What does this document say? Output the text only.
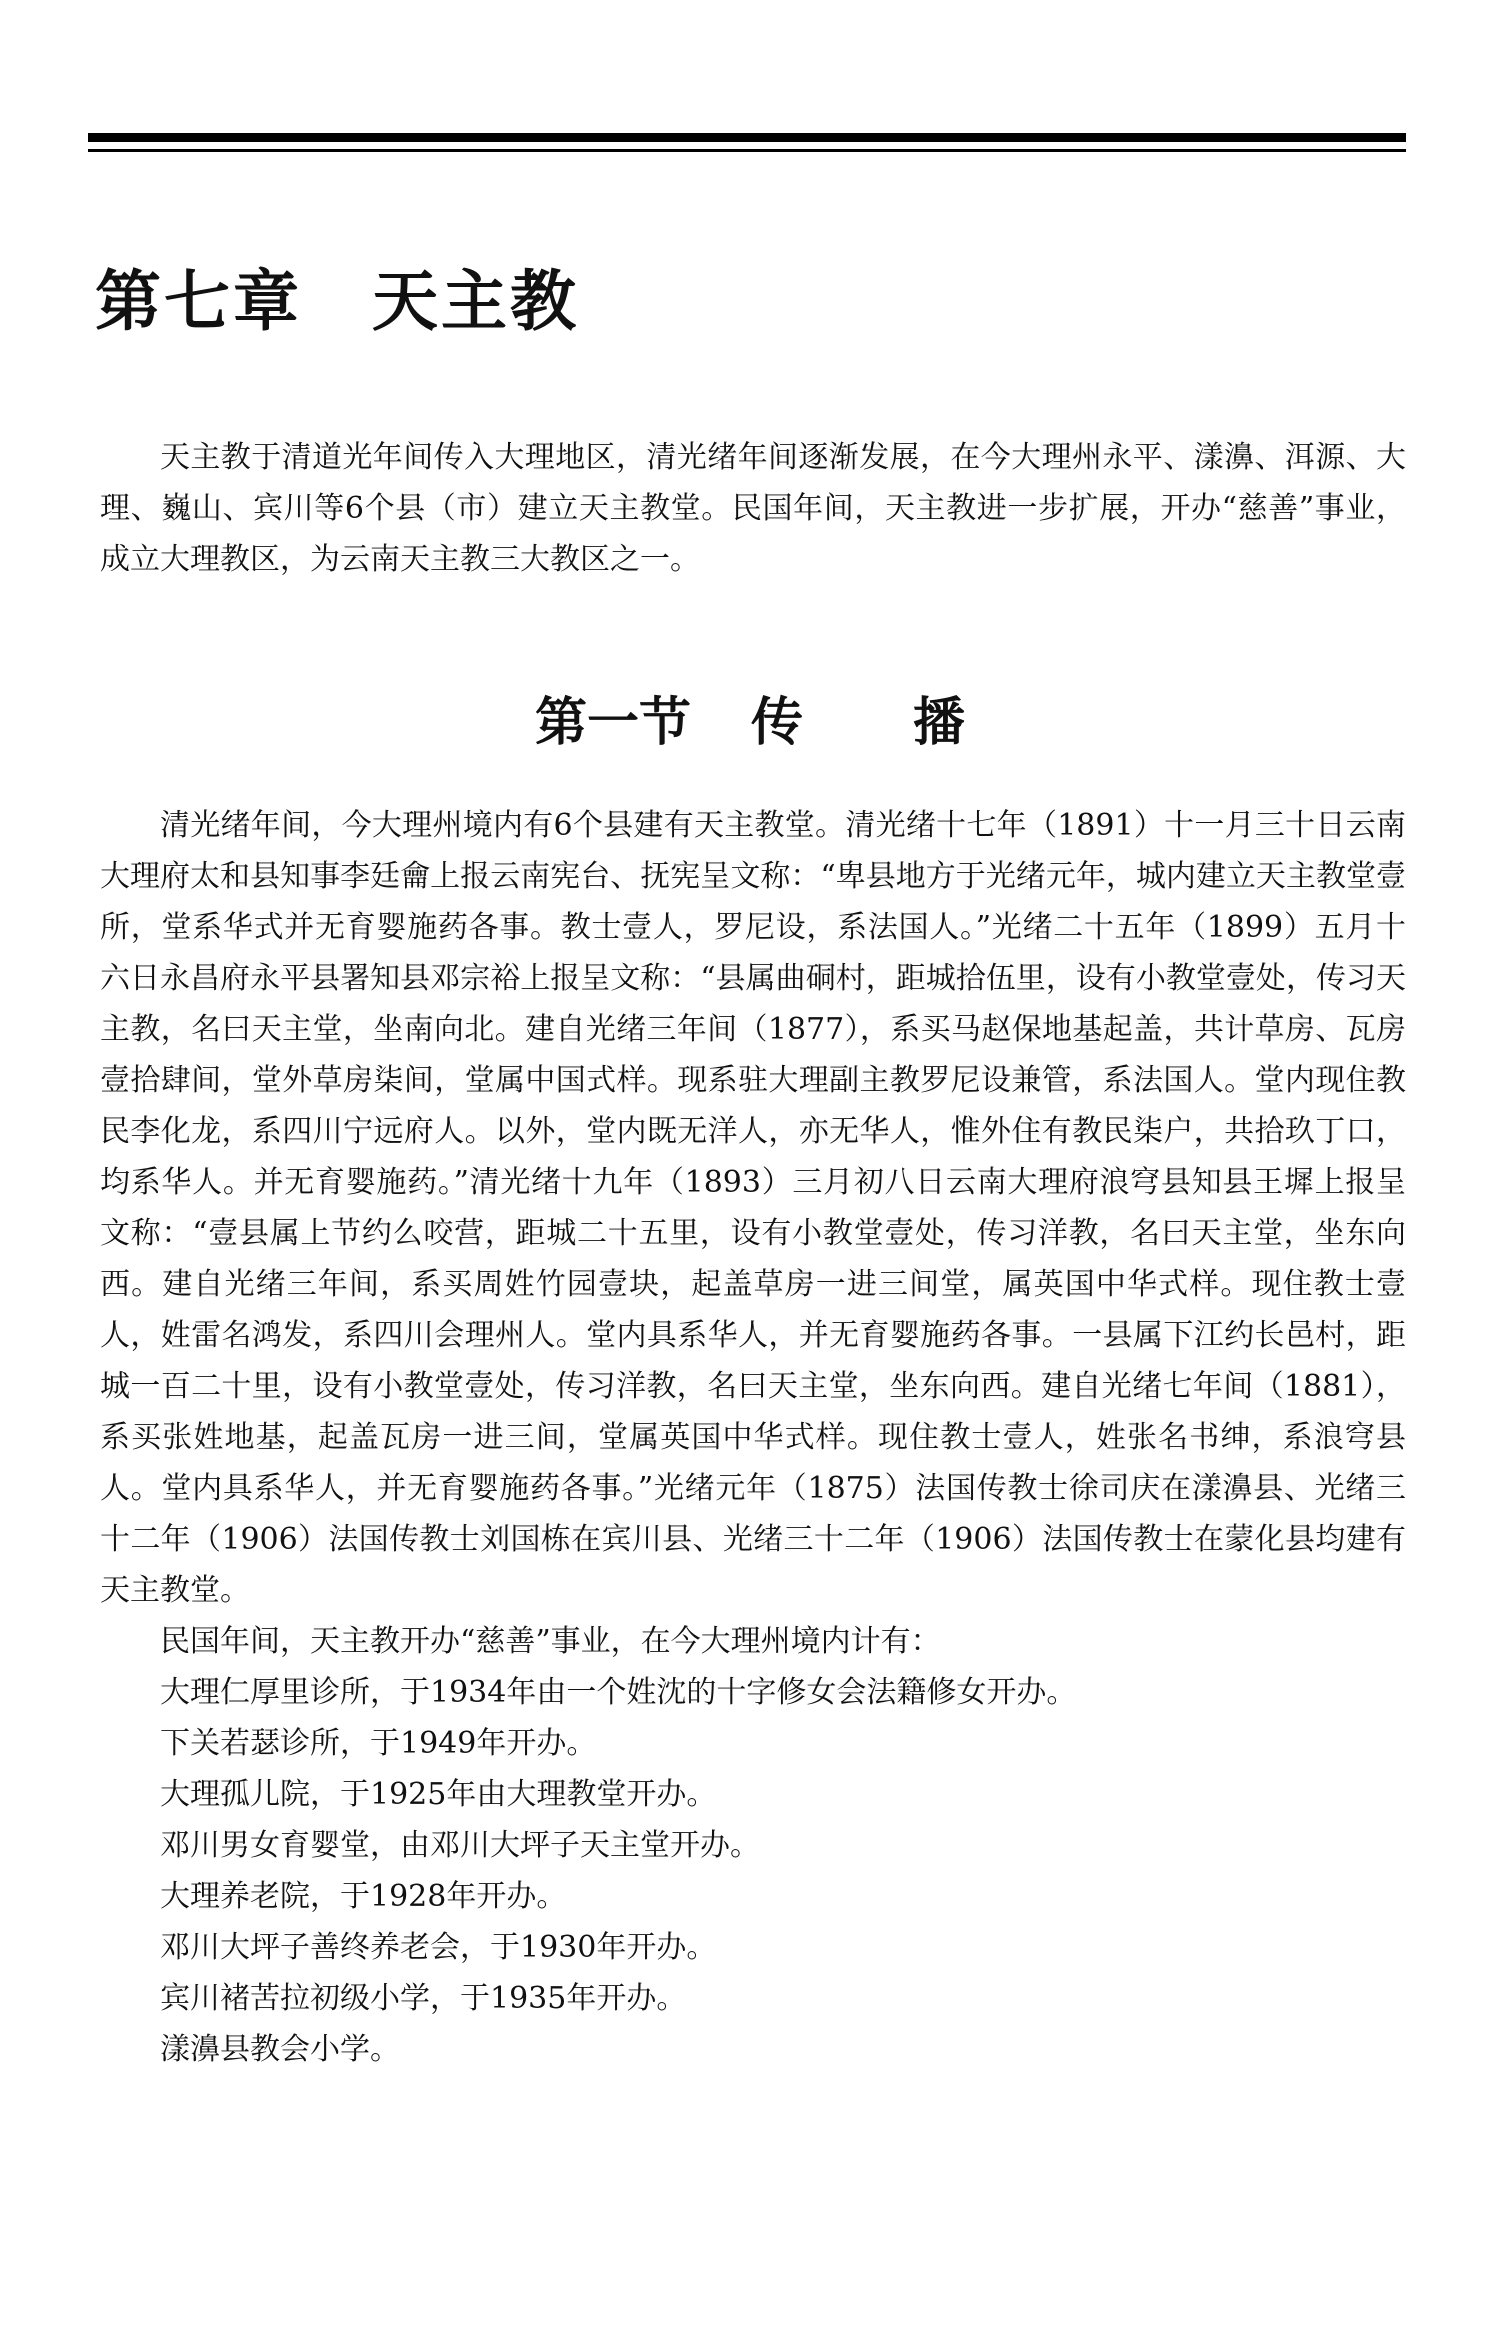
第七章 天主教

天主教于清道光年间传入大理地区，清光绪年间逐渐发展，在今大理州永平、漾濞、洱源、大理、巍山、宾川等6个县（市）建立天主教堂。民国年间，天主教进一步扩展，开办“慈善”事业，成立大理教区，为云南天主教三大教区之一。

第一节 传 播

清光绪年间，今大理州境内有6个县建有天主教堂。清光绪十七年（1891）十一月三十日云南大理府太和县知事李廷龠上报云南宪台、抚宪呈文称：“卑县地方于光绪元年，城内建立天主教堂壹所，堂系华式并无育婴施药各事。教士壹人，罗尼设，系法国人。”光绪二十五年（1899）五月十六日永昌府永平县署知县邓宗裕上报呈文称：“县属曲硐村，距城拾伍里，设有小教堂壹处，传习天主教，名曰天主堂，坐南向北。建自光绪三年间（1877），系买马赵保地基起盖，共计草房、瓦房壹拾肆间，堂外草房柒间，堂属中国式样。现系驻大理副主教罗尼设兼管，系法国人。堂内现住教民李化龙，系四川宁远府人。以外，堂内既无洋人，亦无华人，惟外住有教民柒户，共拾玖丁口，均系华人。并无育婴施药。”清光绪十九年（1893）三月初八日云南大理府浪穹县知县王墀上报呈文称：“壹县属上节约么咬营，距城二十五里，设有小教堂壹处，传习洋教，名曰天主堂，坐东向西。建自光绪三年间，系买周姓竹园壹块，起盖草房一进三间堂，属英国中华式样。现住教士壹人，姓雷名鸿发，系四川会理州人。堂内具系华人，并无育婴施药各事。一县属下江约长邑村，距城一百二十里，设有小教堂壹处，传习洋教，名曰天主堂，坐东向西。建自光绪七年间（1881），系买张姓地基，起盖瓦房一进三间，堂属英国中华式样。现住教士壹人，姓张名书绅，系浪穹县人。堂内具系华人，并无育婴施药各事。”光绪元年（1875）法国传教士徐司庆在漾濞县、光绪三十二年（1906）法国传教士刘国栋在宾川县、光绪三十二年（1906）法国传教士在蒙化县均建有天主教堂。

民国年间，天主教开办“慈善”事业，在今大理州境内计有：

大理仁厚里诊所，于1934年由一个姓沈的十字修女会法籍修女开办。

下关若瑟诊所，于1949年开办。

大理孤儿院，于1925年由大理教堂开办。

邓川男女育婴堂，由邓川大坪子天主堂开办。

大理养老院，于1928年开办。

邓川大坪子善终养老会，于1930年开办。

宾川褚苦拉初级小学，于1935年开办。

漾濞县教会小学。
